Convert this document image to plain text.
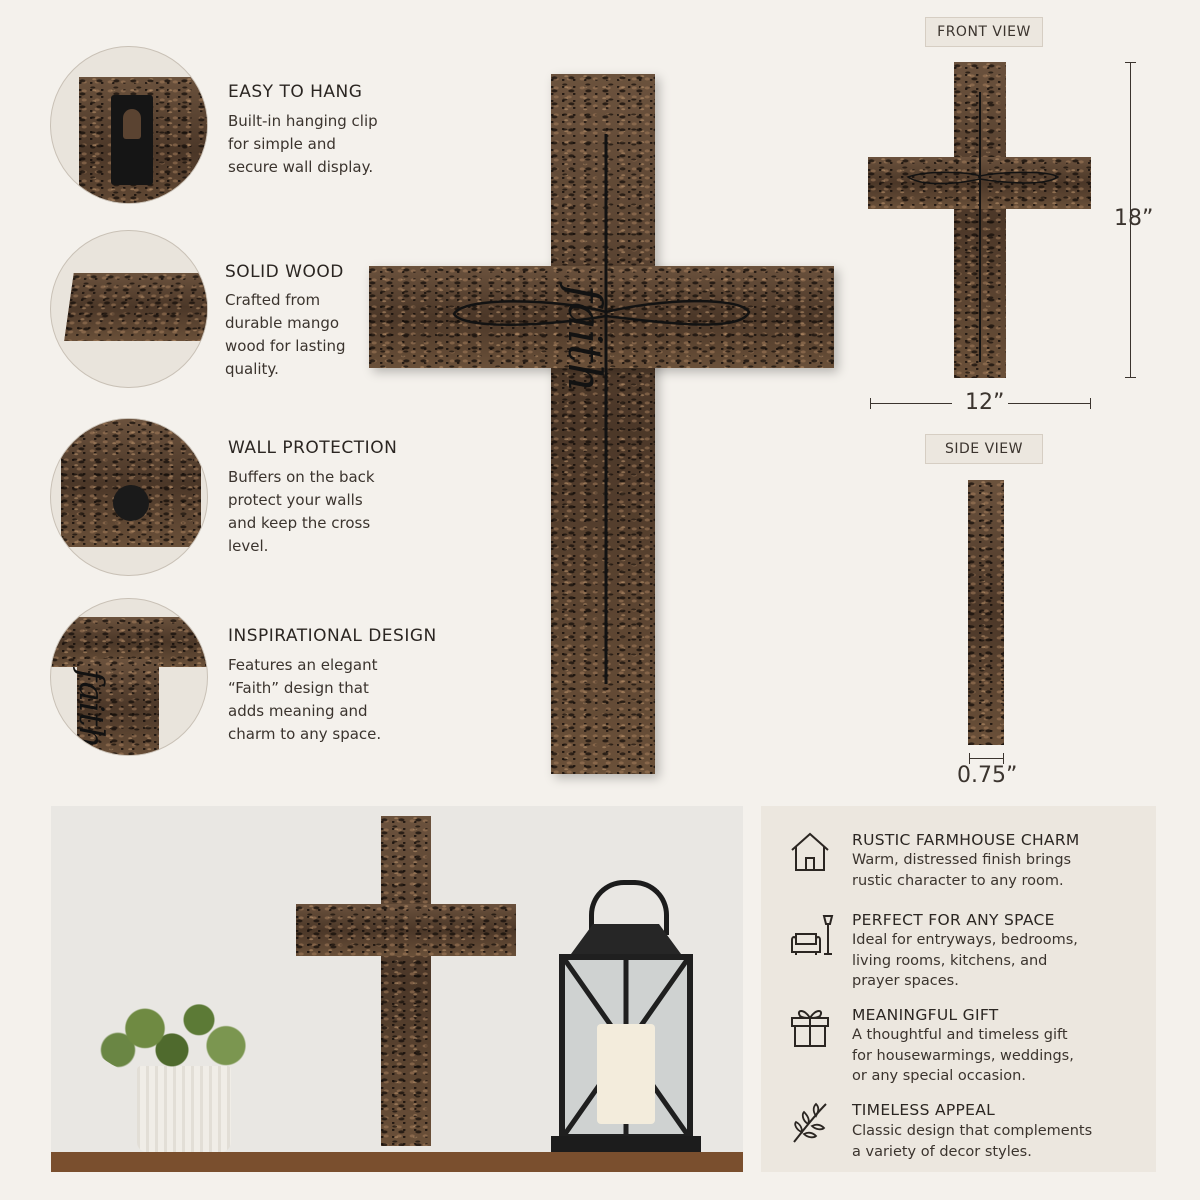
EASY TO HANG
Built-in hanging clip
for simple and
secure wall display.
SOLID WOOD
Crafted from
durable mango
wood for lasting
quality.
WALL PROTECTION
Buffers on the back
protect your walls
and keep the cross
level.
faith
INSPIRATIONAL DESIGN
Features an elegant
“Faith” design that
adds meaning and
charm to any space.
faith
FRONT VIEW
18”
12”
SIDE VIEW
0.75”
RUSTIC FARMHOUSE CHARM
Warm, distressed finish brings
rustic character to any room.
PERFECT FOR ANY SPACE
Ideal for entryways, bedrooms,
living rooms, kitchens, and
prayer spaces.
MEANINGFUL GIFT
A thoughtful and timeless gift
for housewarmings, weddings,
or any special occasion.
TIMELESS APPEAL
Classic design that complements
a variety of decor styles.
